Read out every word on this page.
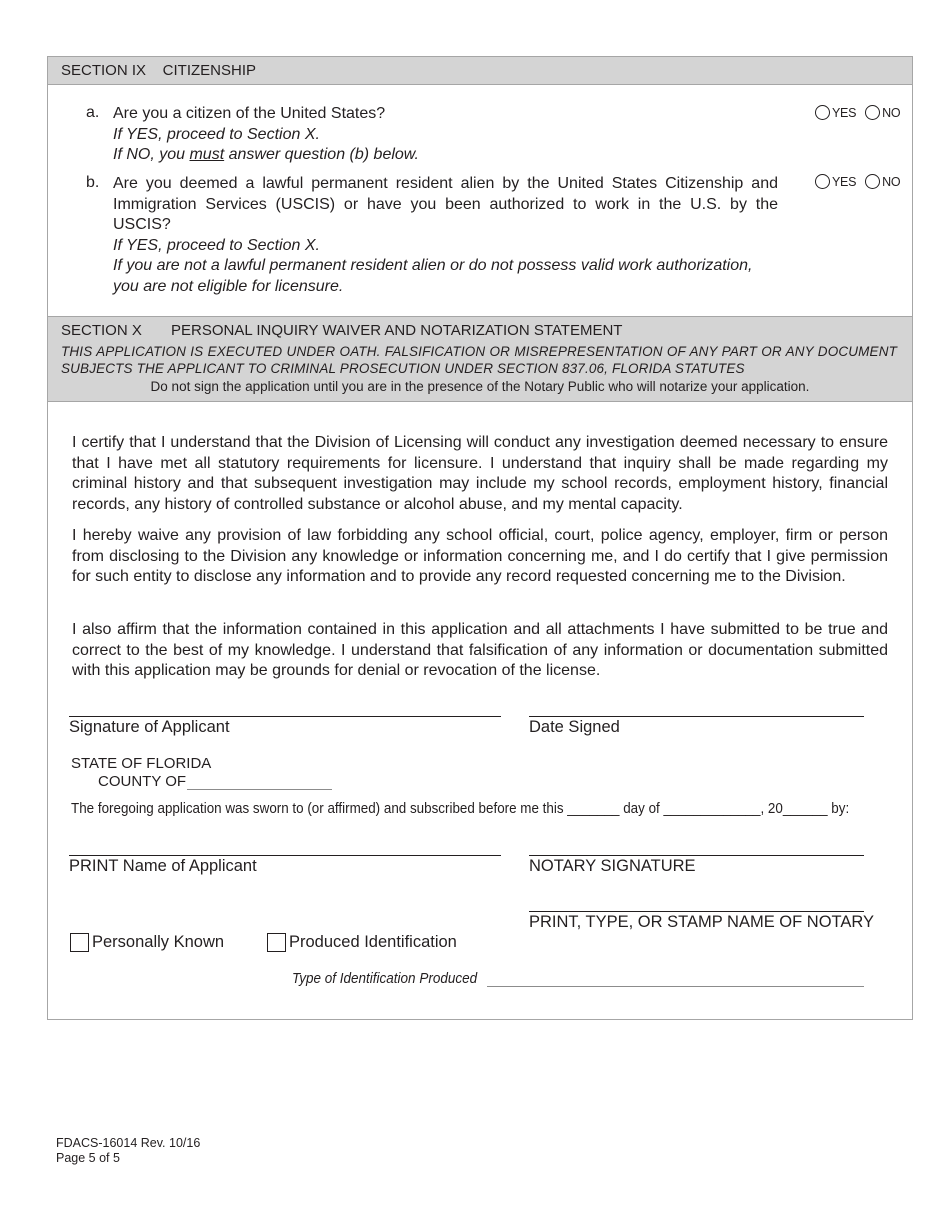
SECTION IX    CITIZENSHIP
a. Are you a citizen of the United States?
If YES, proceed to Section X.
If NO, you must answer question (b) below.
YES NO
b. Are you deemed a lawful permanent resident alien by the United States Citizenship and Immigration Services (USCIS) or have you been authorized to work in the U.S. by the USCIS?
If YES, proceed to Section X.
If you are not a lawful permanent resident alien or do not possess valid work authorization, you are not eligible for licensure.
YES NO
SECTION X       PERSONAL INQUIRY WAIVER AND NOTARIZATION STATEMENT
THIS APPLICATION IS EXECUTED UNDER OATH. FALSIFICATION OR MISREPRESENTATION OF ANY PART OR ANY DOCUMENT SUBJECTS THE APPLICANT TO CRIMINAL PROSECUTION UNDER SECTION 837.06, FLORIDA STATUTES
Do not sign the application until you are in the presence of the Notary Public who will notarize your application.
I certify that I understand that the Division of Licensing will conduct any investigation deemed necessary to ensure that I have met all statutory requirements for licensure. I understand that inquiry shall be made regarding my criminal history and that subsequent investigation may include my school records, employment history, financial records, any history of controlled substance or alcohol abuse, and my mental capacity.
I hereby waive any provision of law forbidding any school official, court, police agency, employer, firm or person from disclosing to the Division any knowledge or information concerning me, and I do certify that I give permission for such entity to disclose any information and to provide any record requested concerning me to the Division.
I also affirm that the information contained in this application and all attachments I have submitted to be true and correct to the best of my knowledge. I understand that falsification of any information or documentation submitted with this application may be grounds for denial or revocation of the license.
Signature of Applicant	Date Signed
STATE OF FLORIDA
COUNTY OF
The foregoing application was sworn to (or affirmed) and subscribed before me this _______ day of _____________, 20______ by:
PRINT Name of Applicant	NOTARY SIGNATURE
PRINT, TYPE, OR STAMP NAME OF NOTARY
Personally Known	Produced Identification
Type of Identification Produced
FDACS-16014 Rev. 10/16
Page 5 of 5
